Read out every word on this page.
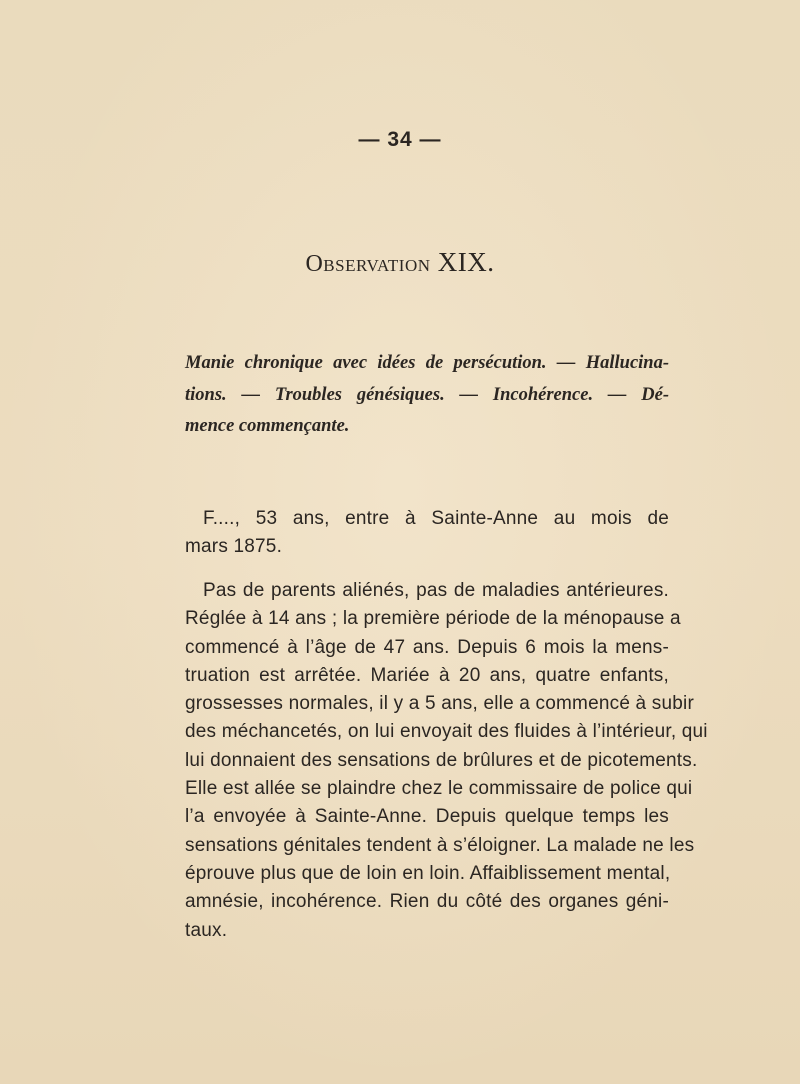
— 34 —
Observation XIX.
Manie chronique avec idées de persécution. — Hallucina-
tions. — Troubles génésiques. — Incohérence. — Dé-
mence commençante.
F...., 53 ans, entre à Sainte-Anne au mois de
mars 1875.
Pas de parents aliénés, pas de maladies antérieures.
Réglée à 14 ans ; la première période de la ménopause a
commencé à l’âge de 47 ans. Depuis 6 mois la mens-
truation est arrêtée. Mariée à 20 ans, quatre enfants,
grossesses normales, il y a 5 ans, elle a commencé à subir
des méchancetés, on lui envoyait des fluides à l’intérieur, qui
lui donnaient des sensations de brûlures et de picotements.
Elle est allée se plaindre chez le commissaire de police qui
l’a envoyée à Sainte-Anne. Depuis quelque temps les
sensations génitales tendent à s’éloigner. La malade ne les
éprouve plus que de loin en loin. Affaiblissement mental,
amnésie, incohérence. Rien du côté des organes géni-
taux.
